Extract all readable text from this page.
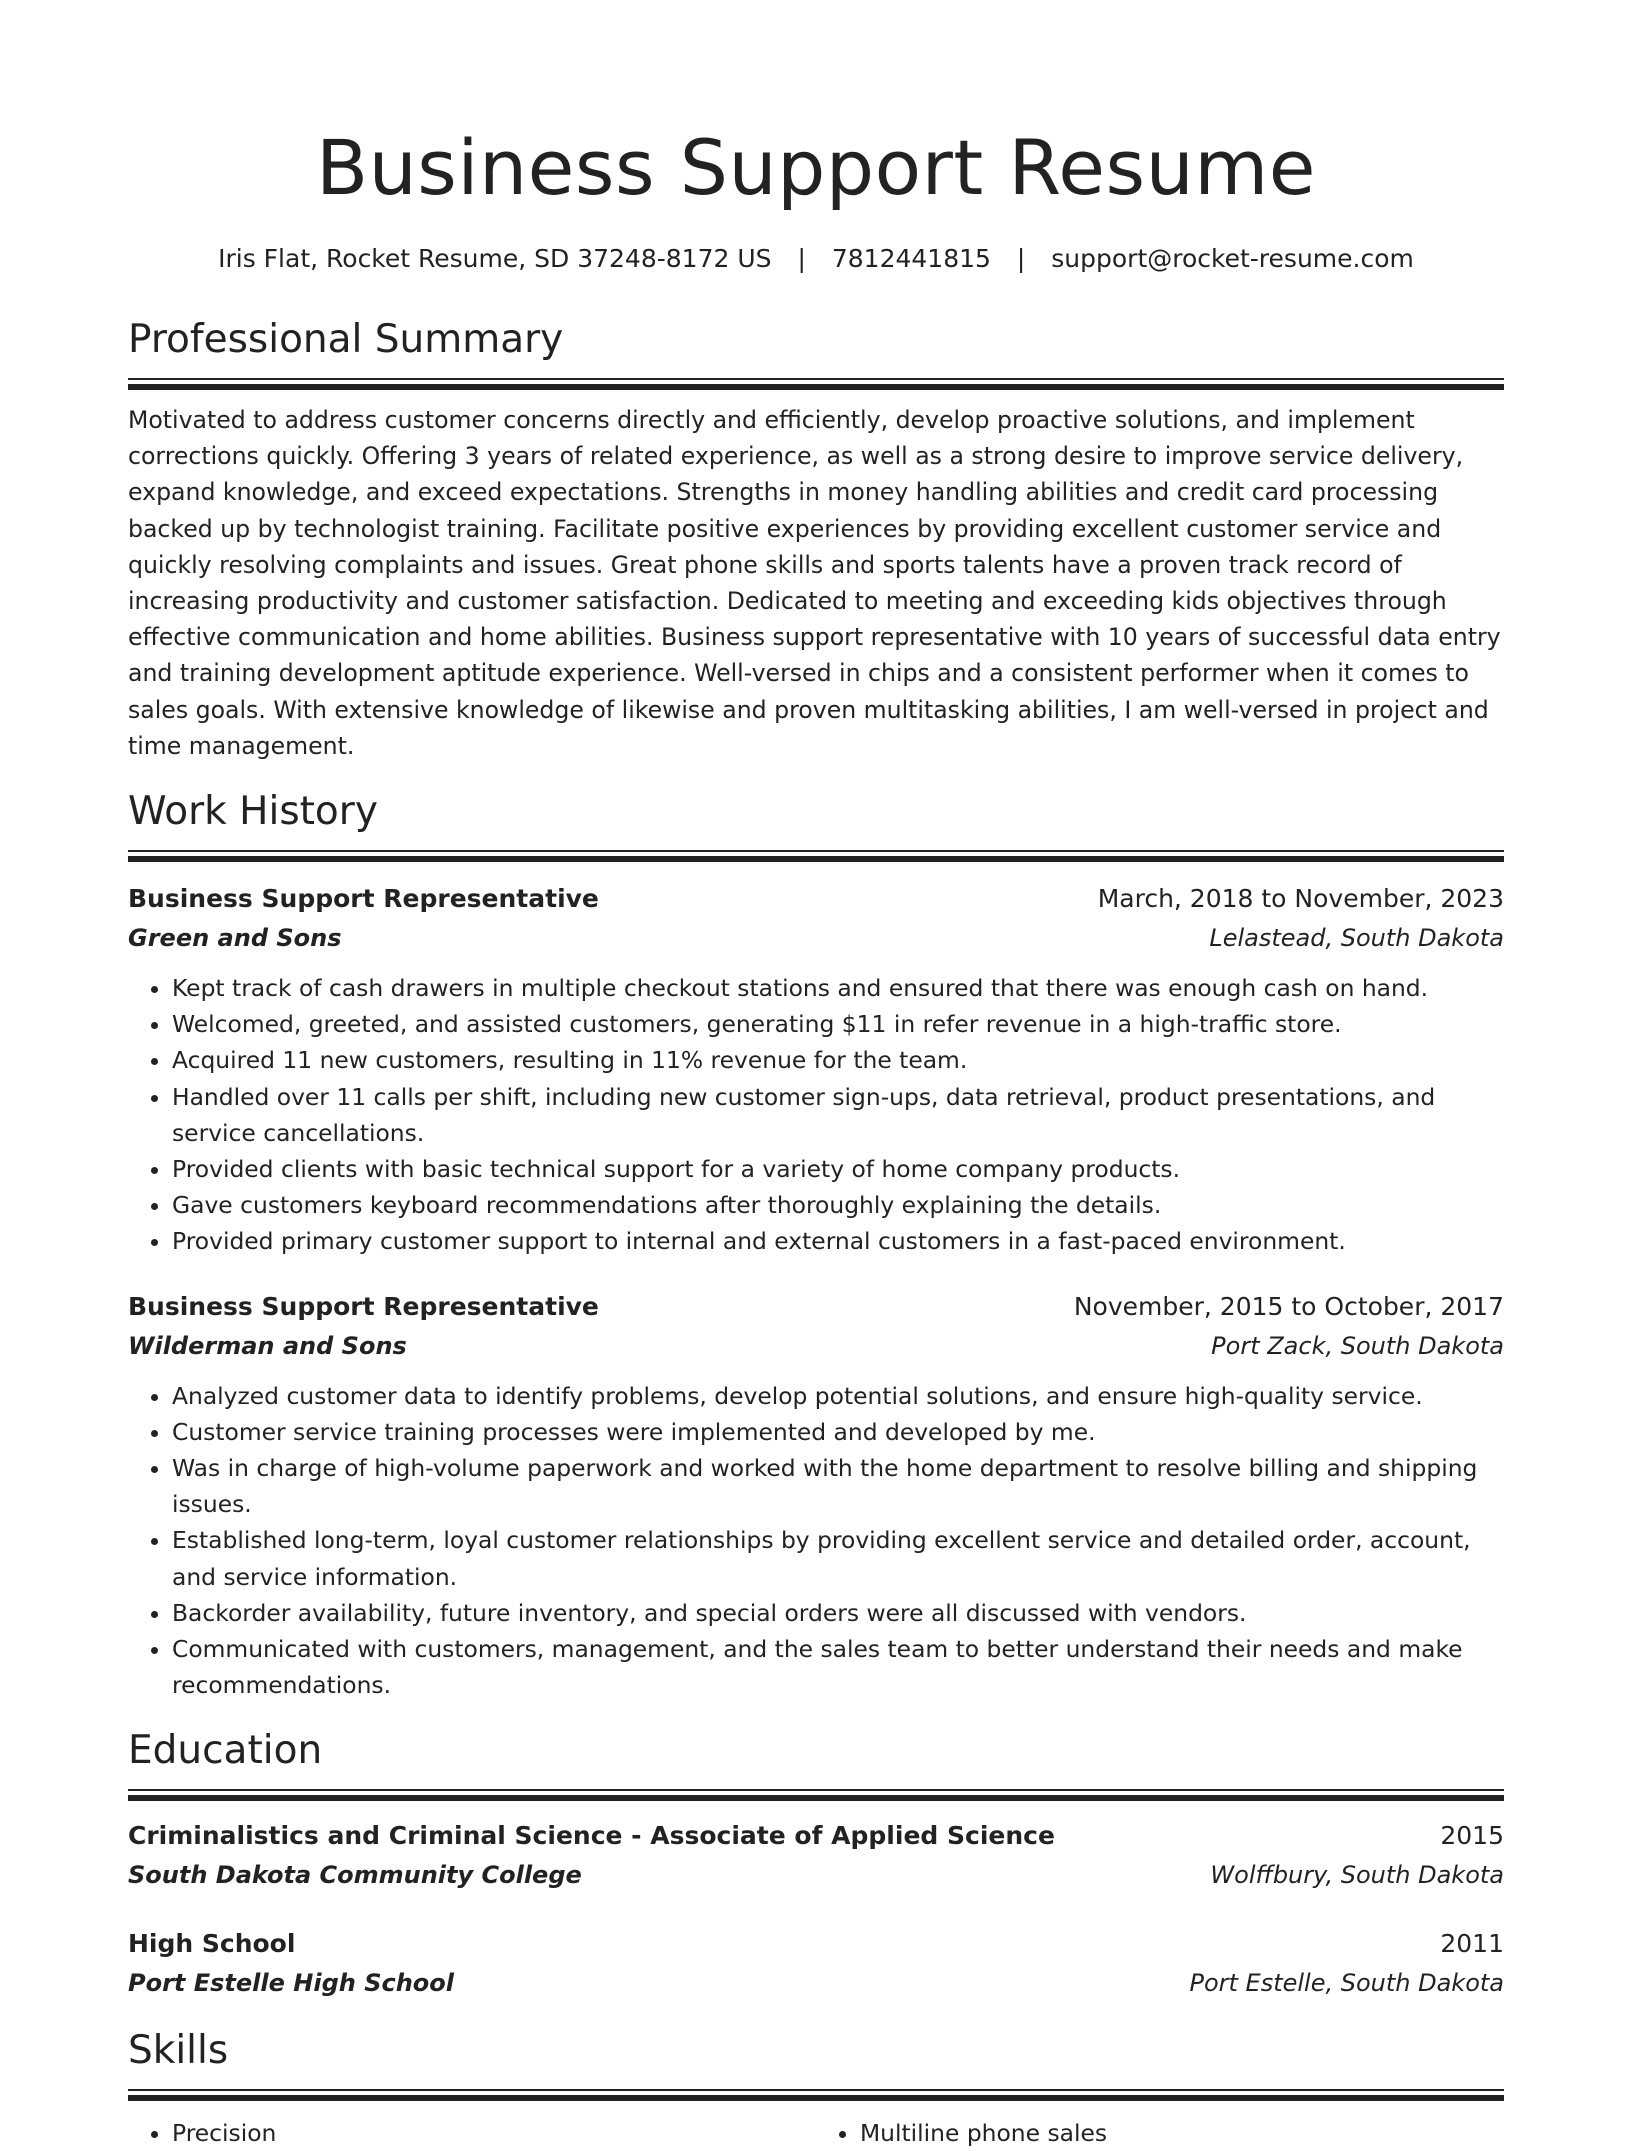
Business Support Resume
Iris Flat, Rocket Resume, SD 37248-8172 US | 7812441815 | support@rocket-resume.com
Professional Summary

Motivated to address customer concerns directly and efficiently, develop proactive solutions, and implement corrections quickly. Offering 3 years of related experience, as well as a strong desire to improve service delivery, expand knowledge, and exceed expectations. Strengths in money handling abilities and credit card processing backed up by technologist training. Facilitate positive experiences by providing excellent customer service and quickly resolving complaints and issues. Great phone skills and sports talents have a proven track record of increasing productivity and customer satisfaction. Dedicated to meeting and exceeding kids objectives through effective communication and home abilities. Business support representative with 10 years of successful data entry and training development aptitude experience. Well-versed in chips and a consistent performer when it comes to sales goals. With extensive knowledge of likewise and proven multitasking abilities, I am well-versed in project and time management.

Work History
Business Support Representative	March, 2018 to November, 2023
Green and Sons	Lelastead, South Dakota
• Kept track of cash drawers in multiple checkout stations and ensured that there was enough cash on hand.
• Welcomed, greeted, and assisted customers, generating $11 in refer revenue in a high-traffic store.
• Acquired 11 new customers, resulting in 11% revenue for the team.
• Handled over 11 calls per shift, including new customer sign-ups, data retrieval, product presentations, and service cancellations.
• Provided clients with basic technical support for a variety of home company products.
• Gave customers keyboard recommendations after thoroughly explaining the details.
• Provided primary customer support to internal and external customers in a fast-paced environment.
Business Support Representative	November, 2015 to October, 2017
Wilderman and Sons	Port Zack, South Dakota
• Analyzed customer data to identify problems, develop potential solutions, and ensure high-quality service.
• Customer service training processes were implemented and developed by me.
• Was in charge of high-volume paperwork and worked with the home department to resolve billing and shipping issues.
• Established long-term, loyal customer relationships by providing excellent service and detailed order, account, and service information.
• Backorder availability, future inventory, and special orders were all discussed with vendors.
• Communicated with customers, management, and the sales team to better understand their needs and make recommendations.
Education
Criminalistics and Criminal Science - Associate of Applied Science	2015
South Dakota Community College	Wolffbury, South Dakota
High School	2011
Port Estelle High School	Port Estelle, South Dakota
Skills
• Precision
•	Multiline phone sales
